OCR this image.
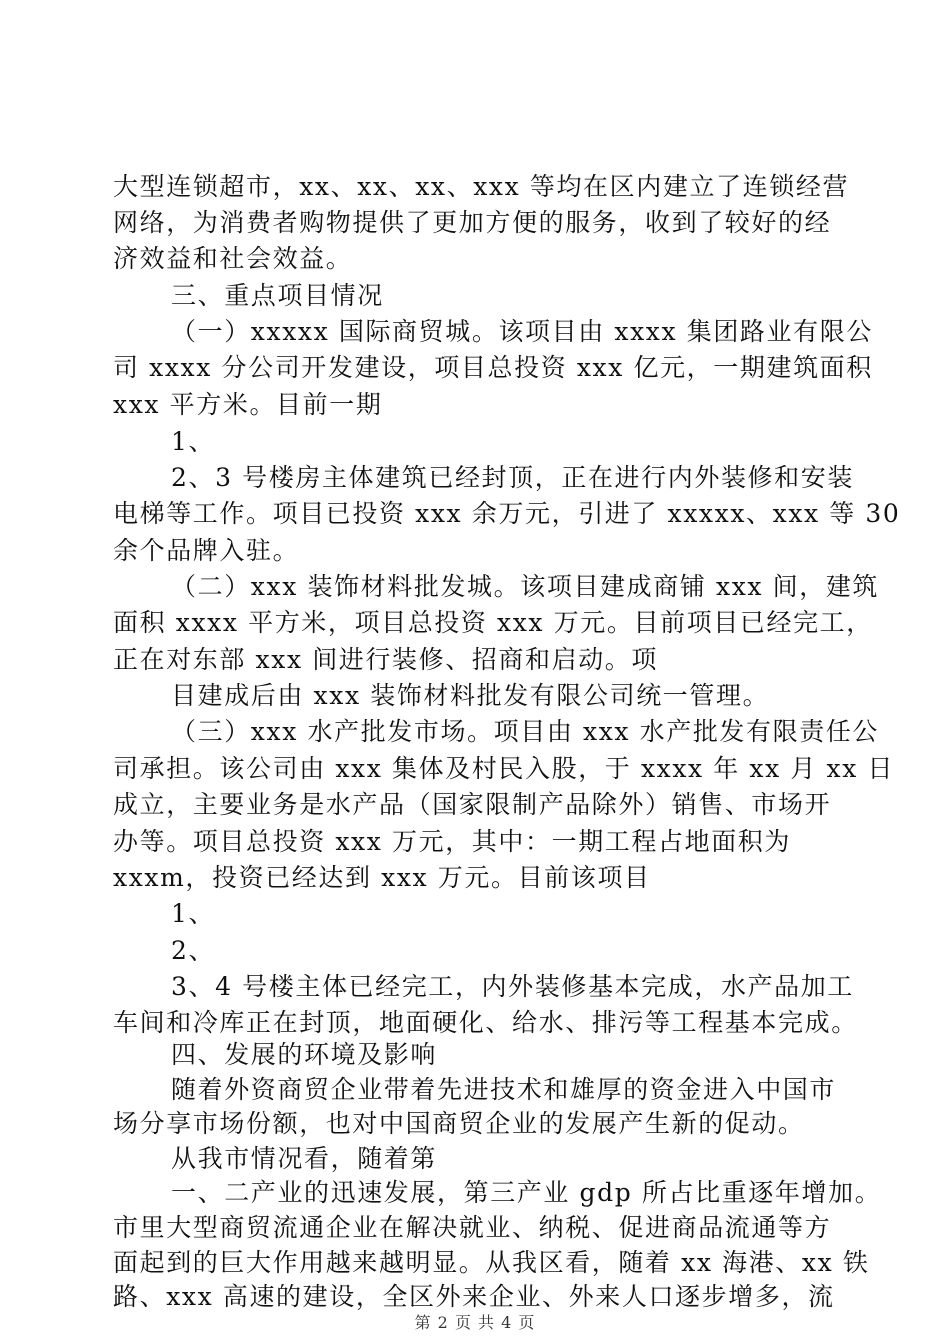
大型连锁超市，xx、xx、xx、xxx 等均在区内建立了连锁经营
网络，为消费者购物提供了更加方便的服务，收到了较好的经
济效益和社会效益。
三、重点项目情况
（一）xxxxx 国际商贸城。该项目由 xxxx 集团路业有限公
司 xxxx 分公司开发建设，项目总投资 xxx 亿元，一期建筑面积
xxx 平方米。目前一期
1、
2、3 号楼房主体建筑已经封顶，正在进行内外装修和安装
电梯等工作。项目已投资 xxx 余万元，引进了 xxxxx、xxx 等 30
余个品牌入驻。
（二）xxx 装饰材料批发城。该项目建成商铺 xxx 间，建筑
面积 xxxx 平方米，项目总投资 xxx 万元。目前项目已经完工，
正在对东部 xxx 间进行装修、招商和启动。项
目建成后由 xxx 装饰材料批发有限公司统一管理。
（三）xxx 水产批发市场。项目由 xxx 水产批发有限责任公
司承担。该公司由 xxx 集体及村民入股，于 xxxx 年 xx 月 xx 日
成立，主要业务是水产品（国家限制产品除外）销售、市场开
办等。项目总投资 xxx 万元，其中：一期工程占地面积为
xxxm，投资已经达到 xxx 万元。目前该项目
1、
2、
3、4 号楼主体已经完工，内外装修基本完成，水产品加工
车间和冷库正在封顶，地面硬化、给水、排污等工程基本完成。
四、发展的环境及影响
随着外资商贸企业带着先进技术和雄厚的资金进入中国市
场分享市场份额，也对中国商贸企业的发展产生新的促动。
从我市情况看，随着第
一、二产业的迅速发展，第三产业 gdp 所占比重逐年增加。
市里大型商贸流通企业在解决就业、纳税、促进商品流通等方
面起到的巨大作用越来越明显。从我区看，随着 xx 海港、xx 铁
路、xxx 高速的建设，全区外来企业、外来人口逐步增多，流
第 2 页 共 4 页
